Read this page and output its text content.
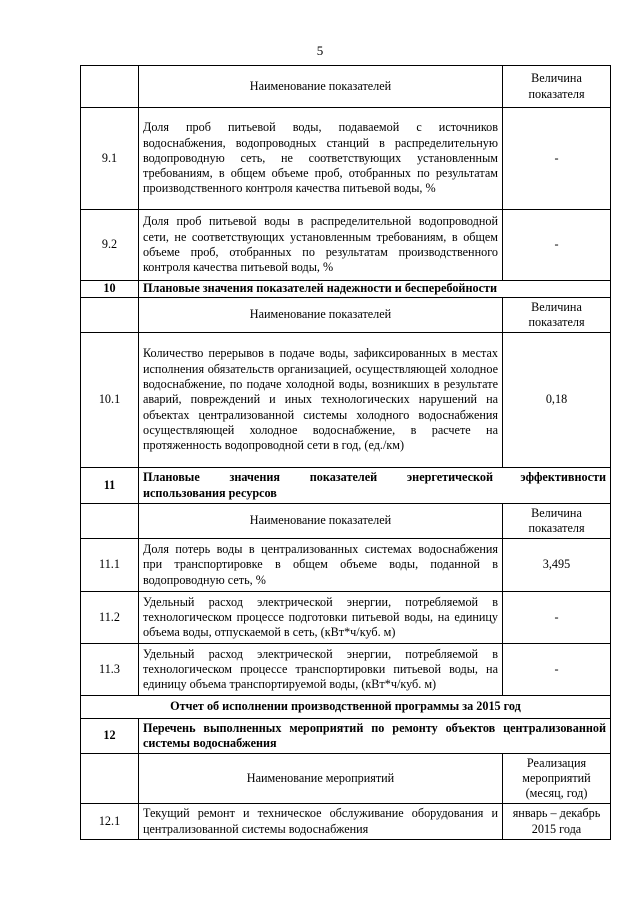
5
	Наименование показателей	Величина показателя
9.1	Доля проб питьевой воды, подаваемой с источников водоснабжения, водопроводных станций в распределительную водопроводную сеть, не соответствующих установленным требованиям, в общем объеме проб, отобранных по результатам производственного контроля качества питьевой воды, %	-
9.2	Доля проб питьевой воды в распределительной водопроводной сети, не соответствующих установленным требованиям, в общем объеме проб, отобранных по результатам производственного контроля качества питьевой воды, %	-
10	Плановые значения показателей надежности и бесперебойности	
	Наименование показателей	Величина показателя
10.1	Количество перерывов в подаче воды, зафиксированных в местах исполнения обязательств организацией, осуществляющей холодное водоснабжение, по подаче холодной воды, возникших в результате аварий, повреждений и иных технологических нарушений на объектах централизованной системы холодного водоснабжения осуществляющей холодное водоснабжение, в расчете на протяженность водопроводной сети в год, (ед./км)	0,18
11	Плановые значения показателей энергетической эффективности
использования ресурсов	

	Наименование показателей	Величина показателя
11.1	Доля потерь воды в централизованных системах водоснабжения при транспортировке в общем объеме воды, поданной в водопроводную сеть, %	3,495
11.2	Удельный расход электрической энергии, потребляемой в технологическом процессе подготовки питьевой воды, на единицу объема воды, отпускаемой в сеть, (кВт*ч/куб. м)	-
11.3	Удельный расход электрической энергии, потребляемой в технологическом процессе транспортировки питьевой воды, на единицу объема транспортируемой воды, (кВт*ч/куб. м)	-
Отчет об исполнении производственной программы за 2015 год		
12	Перечень выполненных мероприятий по ремонту объектов централизованной системы водоснабжения	
	Наименование мероприятий	Реализация мероприятий (месяц, год)
12.1	Текущий ремонт и техническое обслуживание оборудования и централизованной системы водоснабжения	январь – декабрь 2015 года
